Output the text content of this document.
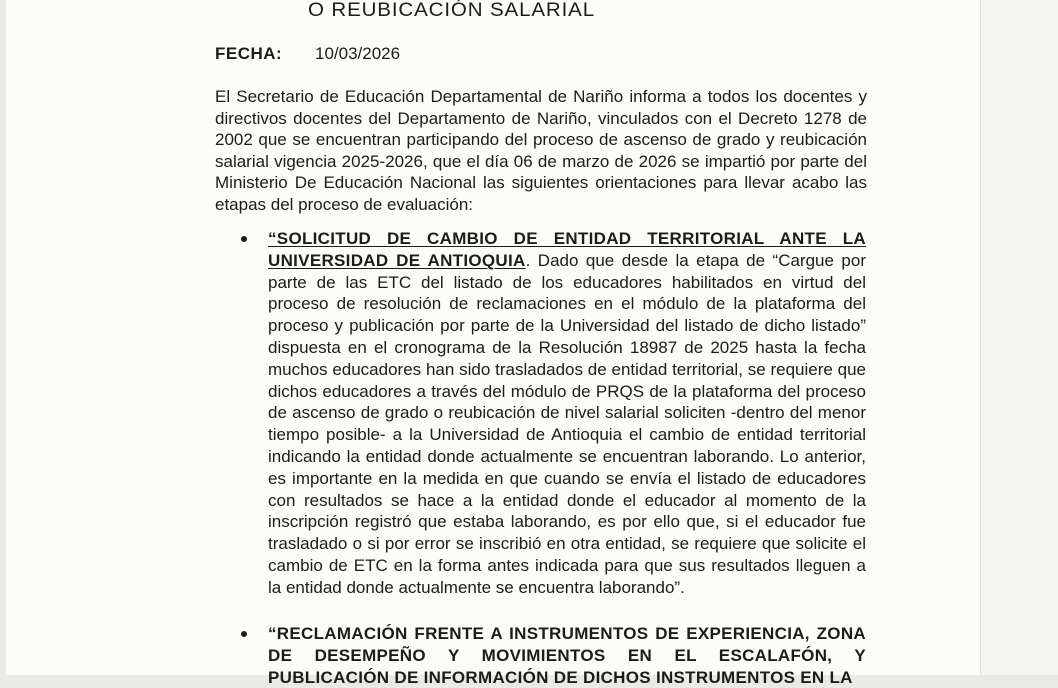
O REUBICACIÓN SALARIAL
FECHA: 10/03/2026
El Secretario de Educación Departamental de Nariño informa a todos los docentes y directivos docentes del Departamento de Nariño, vinculados con el Decreto 1278 de 2002 que se encuentran participando del proceso de ascenso de grado y reubicación salarial vigencia 2025-2026, que el día 06 de marzo de 2026 se impartió por parte del Ministerio De Educación Nacional las siguientes orientaciones para llevar acabo las etapas del proceso de evaluación:
“SOLICITUD DE CAMBIO DE ENTIDAD TERRITORIAL ANTE LA UNIVERSIDAD DE ANTIOQUIA. Dado que desde la etapa de “Cargue por parte de las ETC del listado de los educadores habilitados en virtud del proceso de resolución de reclamaciones en el módulo de la plataforma del proceso y publicación por parte de la Universidad del listado de dicho listado” dispuesta en el cronograma de la Resolución 18987 de 2025 hasta la fecha muchos educadores han sido trasladados de entidad territorial, se requiere que dichos educadores a través del módulo de PRQS de la plataforma del proceso de ascenso de grado o reubicación de nivel salarial soliciten -dentro del menor tiempo posible- a la Universidad de Antioquia el cambio de entidad territorial indicando la entidad donde actualmente se encuentran laborando. Lo anterior, es importante en la medida en que cuando se envía el listado de educadores con resultados se hace a la entidad donde el educador al momento de la inscripción registró que estaba laborando, es por ello que, si el educador fue trasladado o si por error se inscribió en otra entidad, se requiere que solicite el cambio de ETC en la forma antes indicada para que sus resultados lleguen a la entidad donde actualmente se encuentra laborando”.
“RECLAMACIÓN FRENTE A INSTRUMENTOS DE EXPERIENCIA, ZONA DE DESEMPEÑO Y MOVIMIENTOS EN EL ESCALAFÓN, Y PUBLICACIÓN DE INFORMACIÓN DE DICHOS INSTRUMENTOS EN LA
